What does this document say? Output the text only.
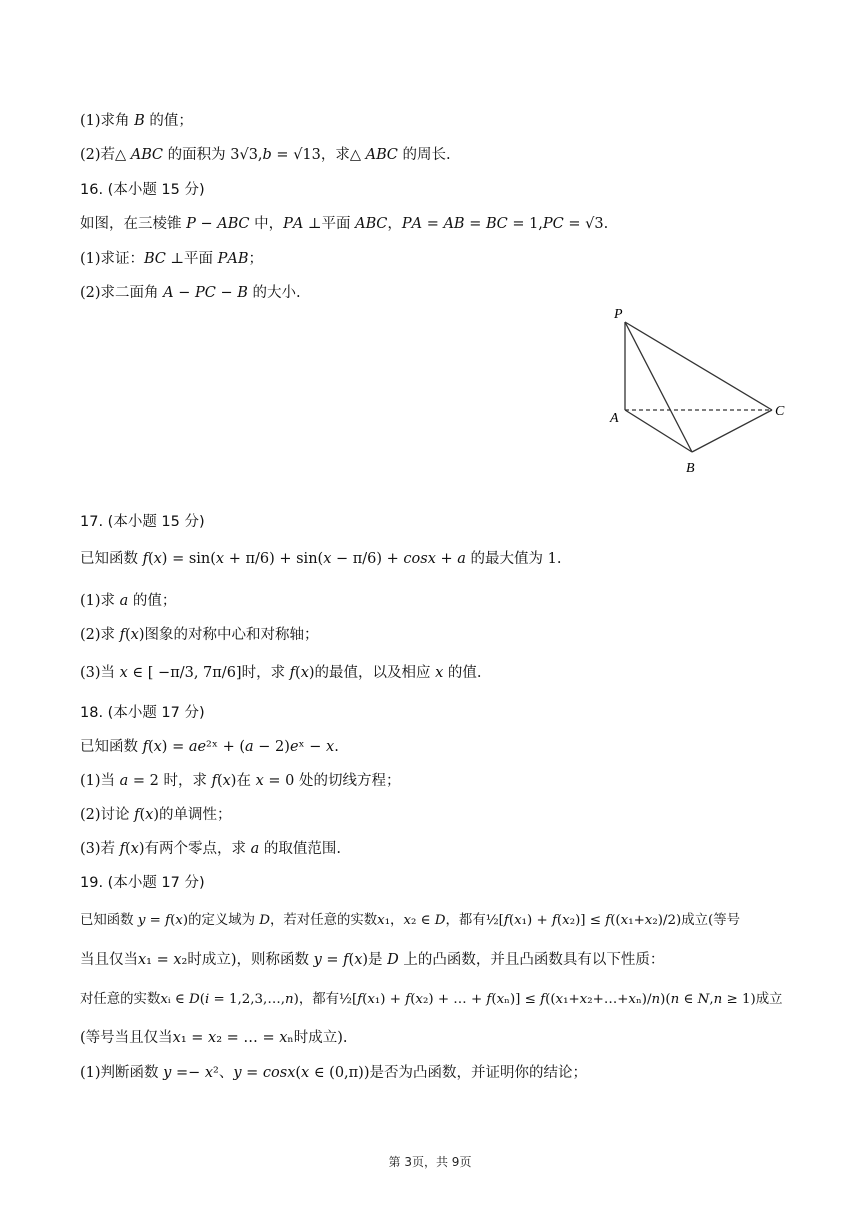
(1)求角 𝐵 的值；
(2)若△ 𝐴𝐵𝐶 的面积为 3√3,𝑏 = √13，求△ 𝐴𝐵𝐶 的周长.
16. (本小题 15 分)
如图，在三棱锥 𝑃 − 𝐴𝐵𝐶 中，𝑃𝐴 ⊥平面 𝐴𝐵𝐶，𝑃𝐴 = 𝐴𝐵 = 𝐵𝐶 = 1,𝑃𝐶 = √3.
(1)求证：𝐵𝐶 ⊥平面 𝑃𝐴𝐵；
(2)求二面角 𝐴 − 𝑃𝐶 − 𝐵 的大小.
P
A
B
C
17. (本小题 15 分)
已知函数 𝑓(𝑥) = sin(𝑥 + π/6) + sin(𝑥 − π/6) + 𝑐𝑜𝑠𝑥 + 𝑎 的最大值为 1.
(1)求 𝑎 的值；
(2)求 𝑓(𝑥)图象的对称中心和对称轴；
(3)当 𝑥 ∈ [ −π/3, 7π/6]时，求 𝑓(𝑥)的最值，以及相应 𝑥 的值.
18. (本小题 17 分)
已知函数 𝑓(𝑥) = 𝑎𝑒²ˣ + (𝑎 − 2)𝑒ˣ − 𝑥.
(1)当 𝑎 = 2 时，求 𝑓(𝑥)在 𝑥 = 0 处的切线方程；
(2)讨论 𝑓(𝑥)的单调性；
(3)若 𝑓(𝑥)有两个零点，求 𝑎 的取值范围.
19. (本小题 17 分)
已知函数 𝑦 = 𝑓(𝑥)的定义域为 𝐷，若对任意的实数𝑥₁，𝑥₂ ∈ 𝐷，都有½[𝑓(𝑥₁) + 𝑓(𝑥₂)] ≤ 𝑓((𝑥₁+𝑥₂)/2)成立(等号
当且仅当𝑥₁ = 𝑥₂时成立)，则称函数 𝑦 = 𝑓(𝑥)是 𝐷 上的凸函数，并且凸函数具有以下性质：
对任意的实数𝑥ᵢ ∈ 𝐷(𝑖 = 1,2,3,…,𝑛)，都有½[𝑓(𝑥₁) + 𝑓(𝑥₂) + … + 𝑓(𝑥ₙ)] ≤ 𝑓((𝑥₁+𝑥₂+…+𝑥ₙ)/𝑛)(𝑛 ∈ 𝑁,𝑛 ≥ 1)成立
(等号当且仅当𝑥₁ = 𝑥₂ = … = 𝑥ₙ时成立).
(1)判断函数 𝑦 =− 𝑥²、𝑦 = 𝑐𝑜𝑠𝑥(𝑥 ∈ (0,π))是否为凸函数，并证明你的结论；
第 3页，共 9页
